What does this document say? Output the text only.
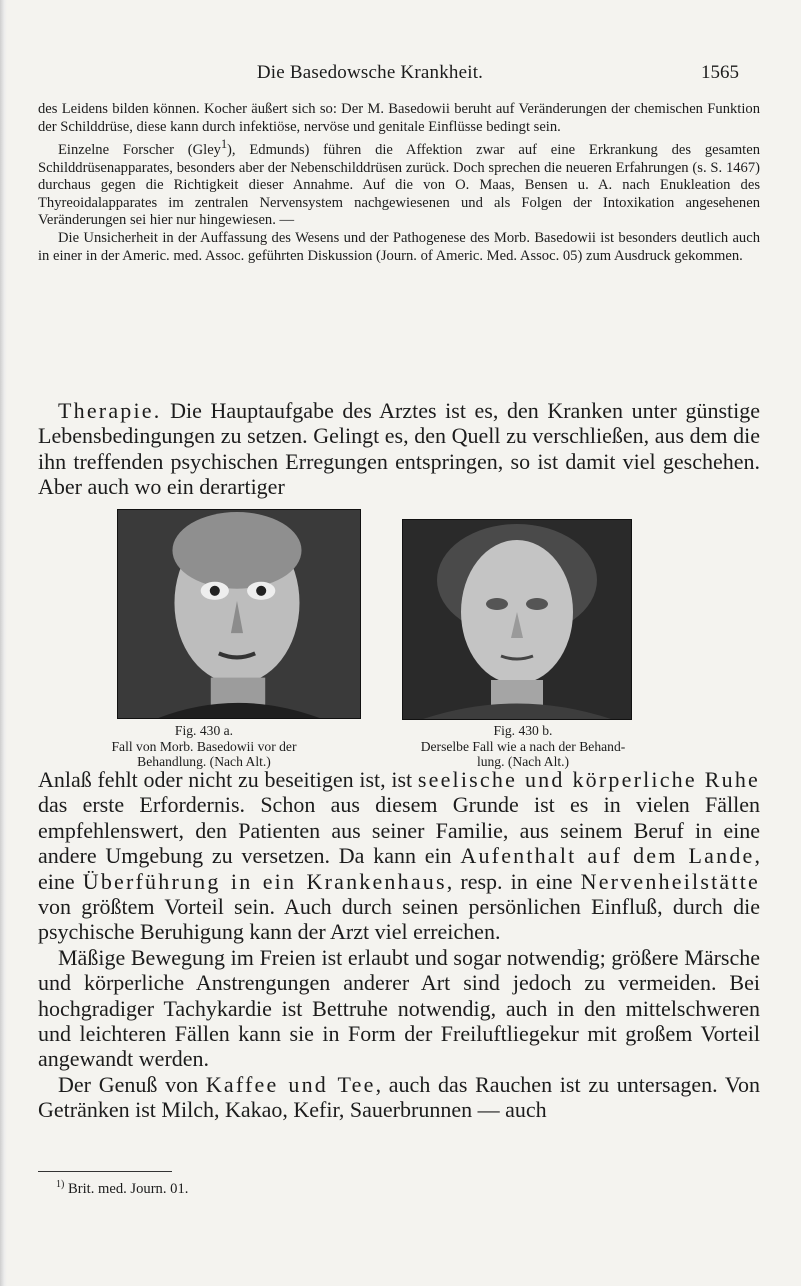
Die Basedowsche Krankheit.	1565

des Leidens bilden können. Kocher äußert sich so: Der M. Basedowii beruht auf Veränderungen der chemischen Funktion der Schilddrüse, diese kann durch infektiöse, nervöse und genitale Einflüsse bedingt sein.

Einzelne Forscher (Gley$^1$), Edmunds) führen die Affektion zwar auf eine Erkrankung des gesamten Schilddrüsenapparates, besonders aber der Nebenschilddrüsen zurück. Doch sprechen die neueren Erfahrungen (s. S. 1467) durchaus gegen die Richtigkeit dieser Annahme. Auf die von O. Maas, Bensen u. A. nach Enukleation des Thyreoidalapparates im zentralen Nervensystem nachgewiesenen und als Folgen der Intoxikation angesehenen Veränderungen sei hier nur hingewiesen. —

Die Unsicherheit in der Auffassung des Wesens und der Pathogenese des Morb. Basedowii ist besonders deutlich auch in einer in der Americ. med. Assoc. geführten Diskussion (Journ. of Americ. Med. Assoc. 05) zum Ausdruck gekommen.

Therapie. Die Hauptaufgabe des Arztes ist es, den Kranken unter günstige Lebensbedingungen zu setzen. Gelingt es, den Quell zu verschließen, aus dem die ihn treffenden psychischen Erregungen entspringen, so ist damit viel geschehen. Aber auch wo ein derartiger

Fig. 430 a.
Fall von Morb. Basedowii vor der
Behandlung. (Nach Alt.)
Fig. 430 b.
Derselbe Fall wie a nach der Behand-
lung. (Nach Alt.)

Anlaß fehlt oder nicht zu beseitigen ist, ist seelische und körperliche Ruhe das erste Erfordernis. Schon aus diesem Grunde ist es in vielen Fällen empfehlenswert, den Patienten aus seiner Familie, aus seinem Beruf in eine andere Umgebung zu versetzen. Da kann ein Aufenthalt auf dem Lande, eine Überführung in ein Krankenhaus, resp. in eine Nervenheilstätte von größtem Vorteil sein. Auch durch seinen persönlichen Einfluß, durch die psychische Beruhigung kann der Arzt viel erreichen.

Mäßige Bewegung im Freien ist erlaubt und sogar notwendig; größere Märsche und körperliche Anstrengungen anderer Art sind jedoch zu vermeiden. Bei hochgradiger Tachykardie ist Bettruhe notwendig, auch in den mittelschweren und leichteren Fällen kann sie in Form der Freiluftliegekur mit großem Vorteil angewandt werden.

Der Genuß von Kaffee und Tee, auch das Rauchen ist zu untersagen. Von Getränken ist Milch, Kakao, Kefir, Sauerbrunnen — auch

$^{1)}$ Brit. med. Journ. 01.
